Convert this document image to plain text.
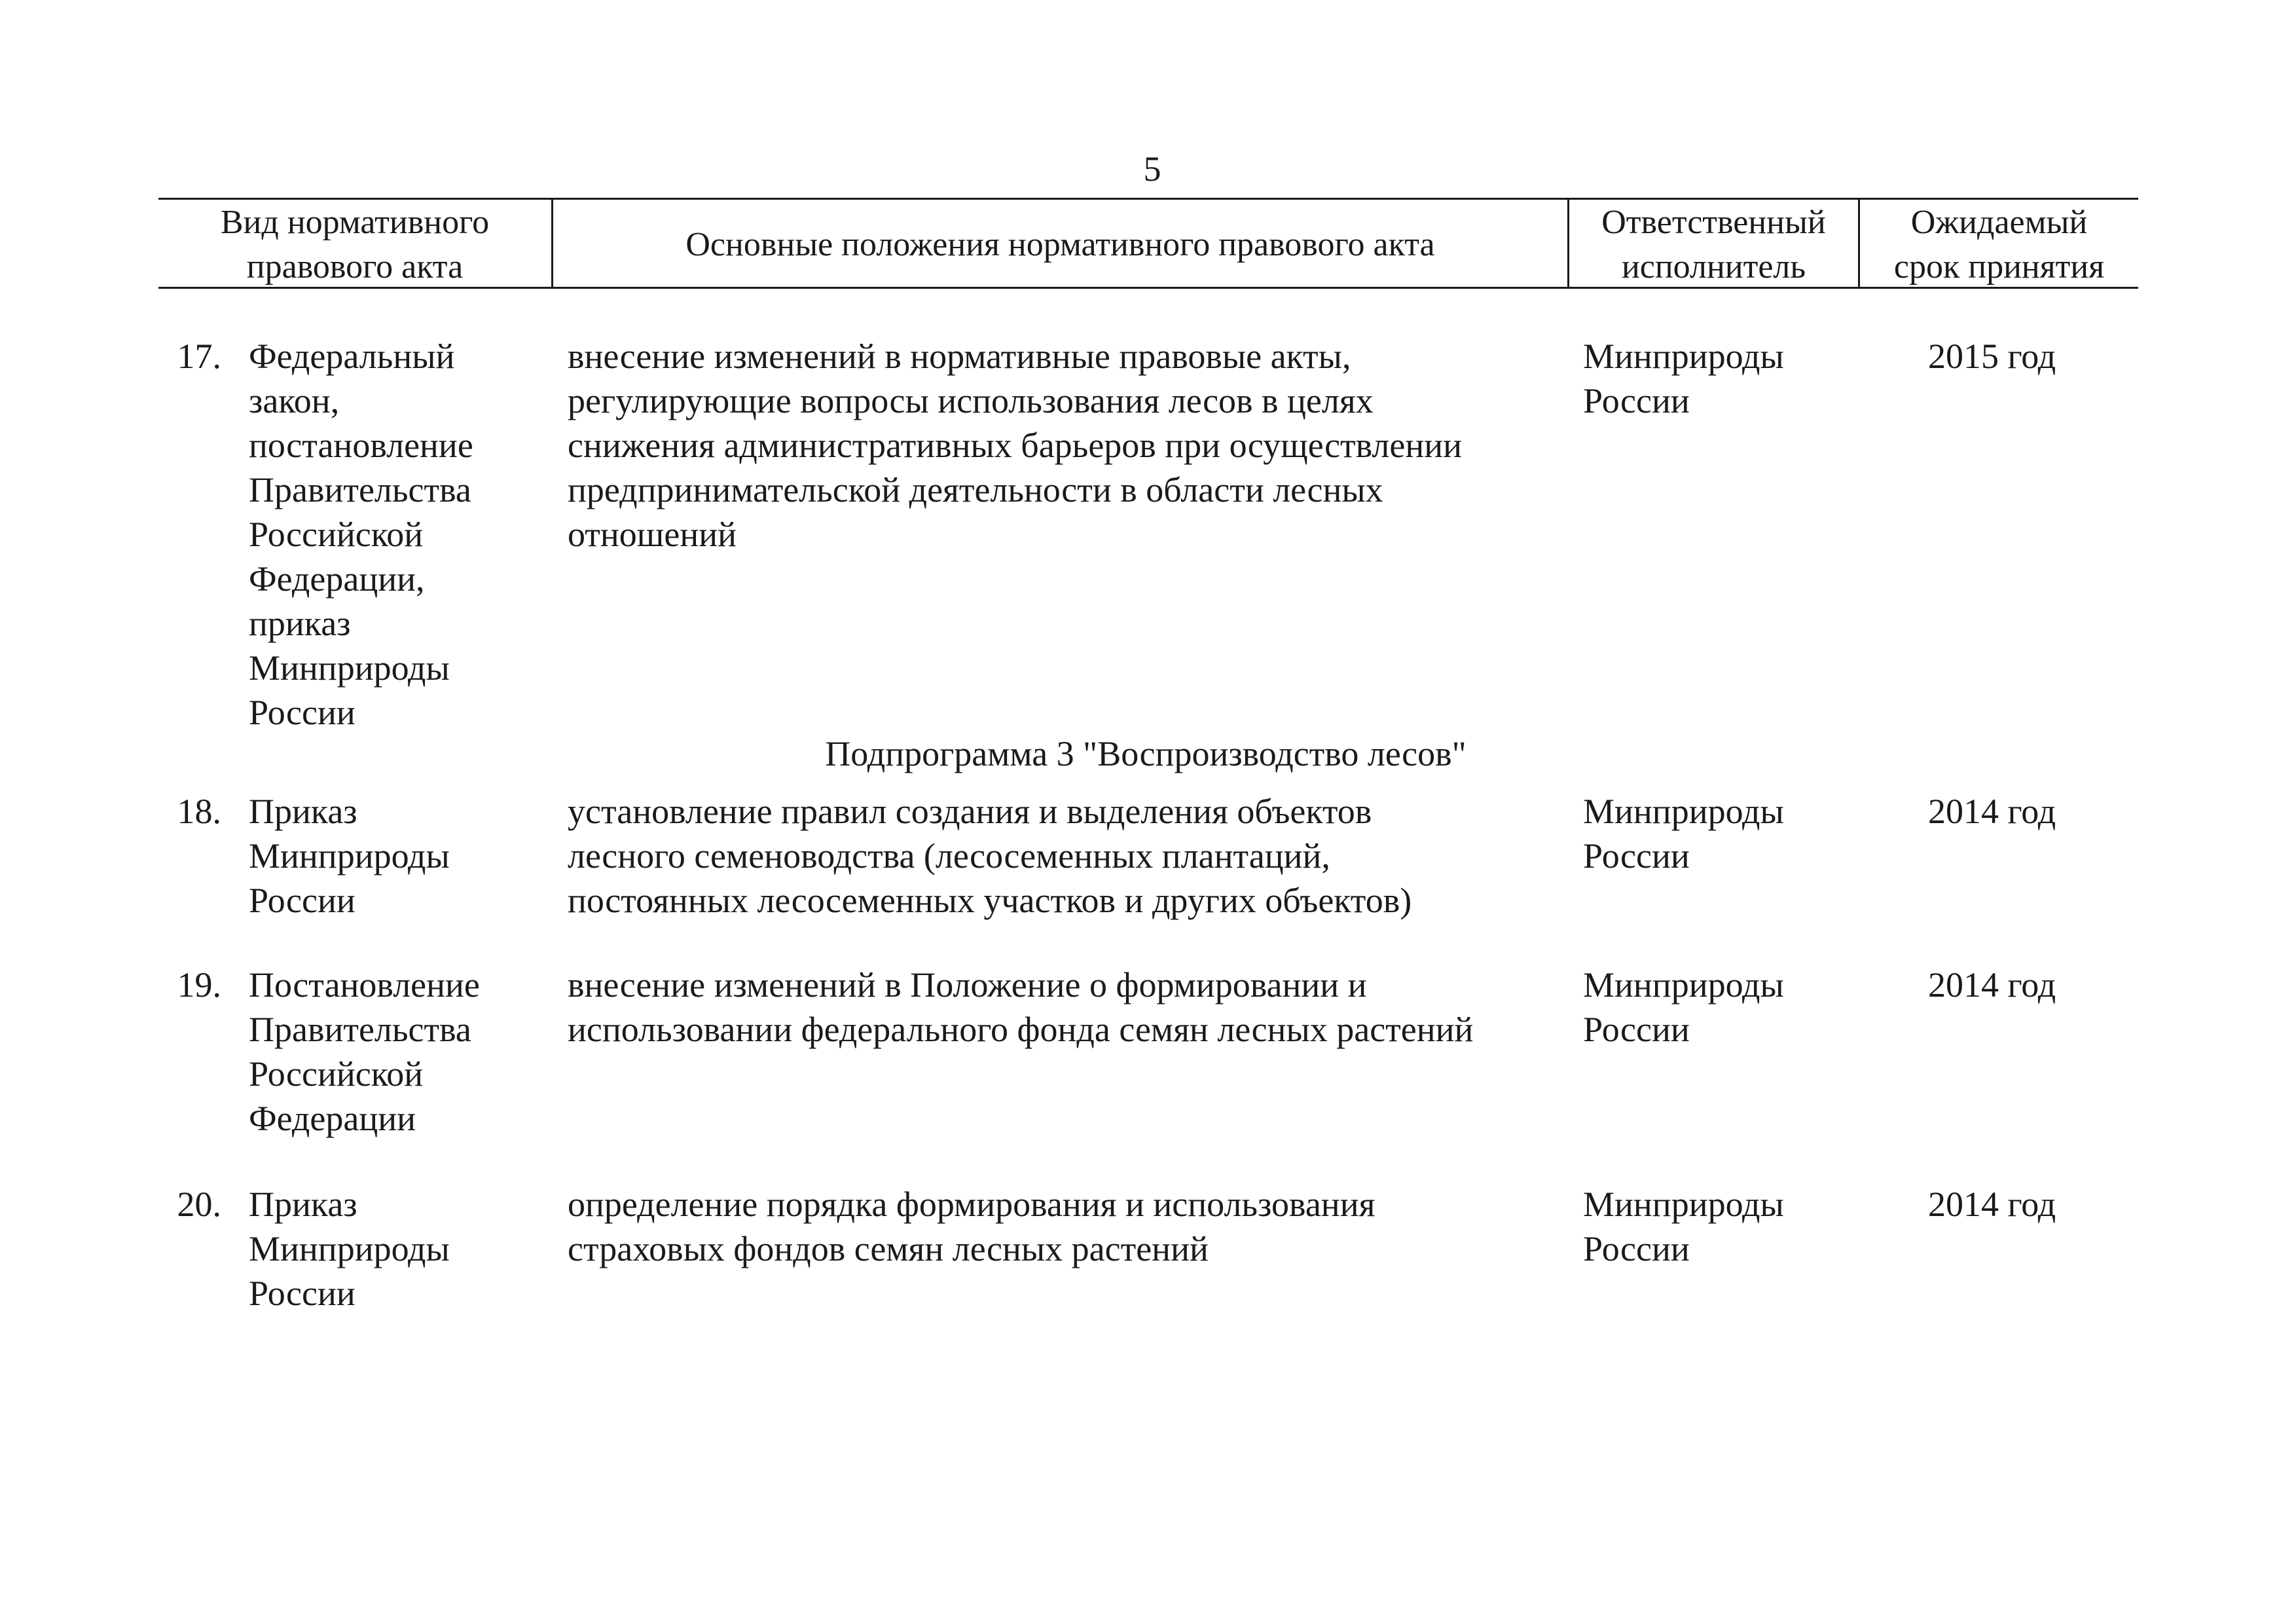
5
Вид нормативного
правового акта
Основные положения нормативного правового акта
Ответственный
исполнитель
Ожидаемый
срок принятия
17. Федеральный
закон,
постановление
Правительства
Российской
Федерации,
приказ
Минприроды
России
внесение изменений в нормативные правовые акты,
регулирующие вопросы использования лесов в целях
снижения административных барьеров при осуществлении
предпринимательской деятельности в области лесных
отношений
Минприроды
России
2015 год
Подпрограмма 3 "Воспроизводство лесов"
18. Приказ
Минприроды
России
установление правил создания и выделения объектов
лесного семеноводства (лесосеменных плантаций,
постоянных лесосеменных участков и других объектов)
Минприроды
России
2014 год
19. Постановление
Правительства
Российской
Федерации
внесение изменений в Положение о формировании и
использовании федерального фонда семян лесных растений
Минприроды
России
2014 год
20. Приказ
Минприроды
России
определение порядка формирования и использования
страховых фондов семян лесных растений
Минприроды
России
2014 год
